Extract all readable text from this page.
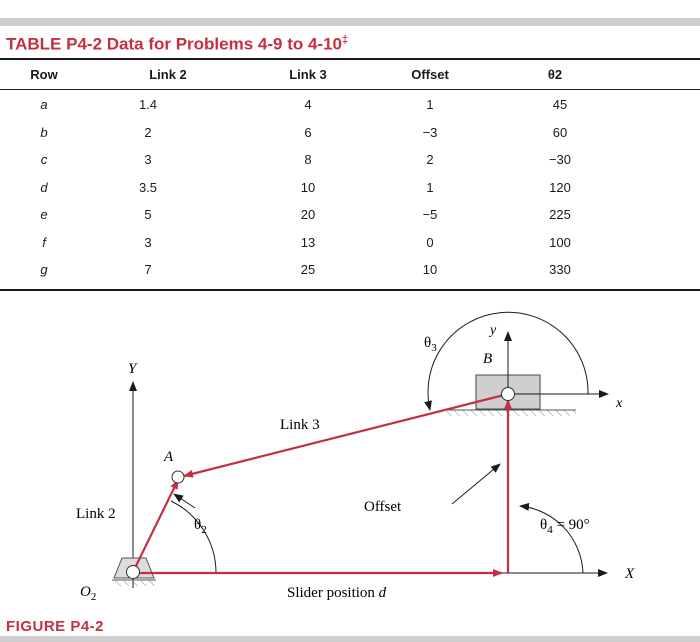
TABLE P4-2 Data for Problems 4-9 to 4-10‡
Row	Link 2	Link 3	Offset	θ2
a	1.4	4	1	45
b	2	6	−3	60
c	3	8	2	−30
d	3.5	10	1	120
e	5	20	−5	225
f	3	13	0	100
g	7	25	10	330
Y
X
y
x
A
B
$O_2$
Link 2
Link 3
Offset
$\theta_2$
$\theta_3$
$\theta_4 = 90^\circ$
Slider position d
FIGURE P4-2
